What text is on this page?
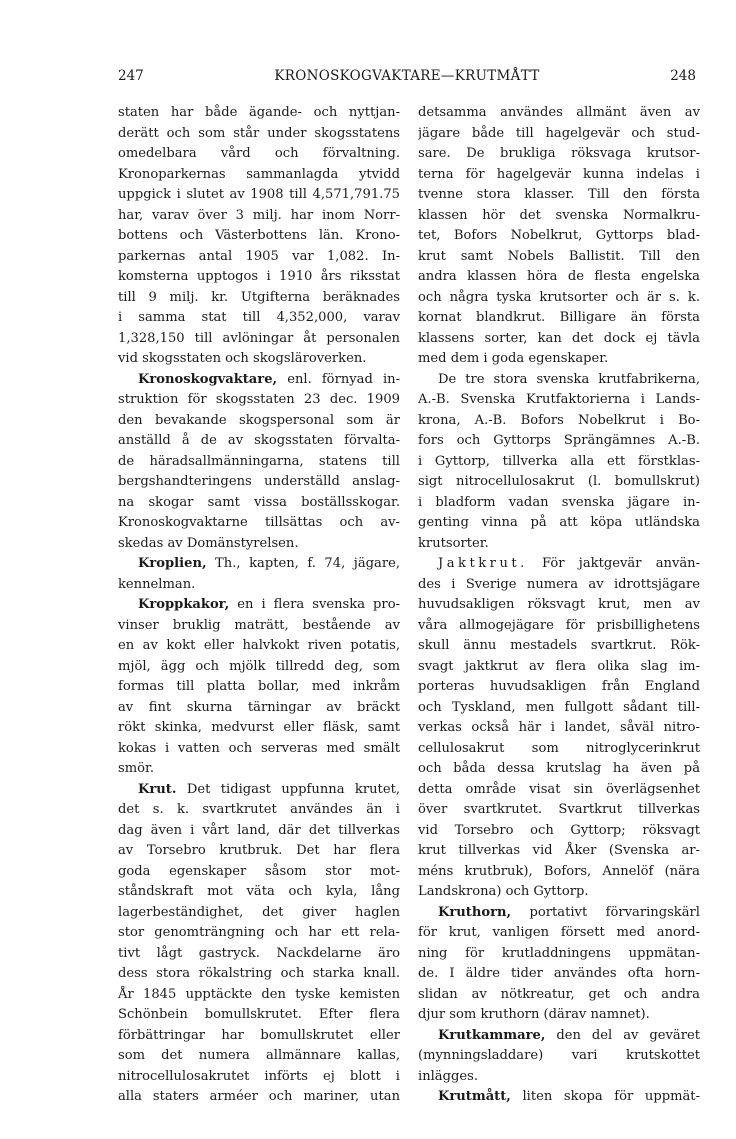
247	KRONOSKOGVAKTARE—KRUTMÅTT	248
staten har både ägande- och nyttjan-
derätt och som står under skogsstatens
omedelbara vård och förvaltning.
Kronoparkernas sammanlagda ytvidd
uppgick i slutet av 1908 till 4,571,791.75
har, varav över 3 milj. har inom Norr-
bottens och Västerbottens län. Krono-
parkernas antal 1905 var 1,082. In-
komsterna upptogos i 1910 års riksstat
till 9 milj. kr. Utgifterna beräknades
i samma stat till 4,352,000, varav
1,328,150 till avlöningar åt personalen
vid skogsstaten och skogsläroverken.
Kronoskogvaktare, enl. förnyad in-
struktion för skogsstaten 23 dec. 1909
den bevakande skogspersonal som är
anställd å de av skogsstaten förvalta-
de häradsallmänningarna, statens till
bergshandteringens underställd anslag-
na skogar samt vissa boställsskogar.
Kronoskogvaktarne tillsättas och av-
skedas av Domänstyrelsen.
Kroplien, Th., kapten, f. 74, jägare,
kennelman.
Kroppkakor, en i flera svenska pro-
vinser bruklig maträtt, bestående av
en av kokt eller halvkokt riven potatis,
mjöl, ägg och mjölk tillredd deg, som
formas till platta bollar, med inkråm
av fint skurna tärningar av bräckt
rökt skinka, medvurst eller fläsk, samt
kokas i vatten och serveras med smält
smör.
Krut. Det tidigast uppfunna krutet,
det s. k. svartkrutet användes än i
dag även i vårt land, där det tillverkas
av Torsebro krutbruk. Det har flera
goda egenskaper såsom stor mot-
ståndskraft mot väta och kyla, lång
lagerbeständighet, det giver haglen
stor genomträngning och har ett rela-
tivt lågt gastryck. Nackdelarne äro
dess stora rökalstring och starka knall.
År 1845 upptäckte den tyske kemisten
Schönbein bomullskrutet. Efter flera
förbättringar har bomullskrutet eller
som det numera allmännare kallas,
nitrocellulosakrutet införts ej blott i
alla staters arméer och mariner, utan
detsamma användes allmänt även av
jägare både till hagelgevär och stud-
sare. De brukliga röksvaga krutsor-
terna för hagelgevär kunna indelas i
tvenne stora klasser. Till den första
klassen hör det svenska Normalkru-
tet, Bofors Nobelkrut, Gyttorps blad-
krut samt Nobels Ballistit. Till den
andra klassen höra de flesta engelska
och några tyska krutsorter och är s. k.
kornat blandkrut. Billigare än första
klassens sorter, kan det dock ej tävla
med dem i goda egenskaper.
De tre stora svenska krutfabrikerna,
A.-B. Svenska Krutfaktorierna i Lands-
krona, A.-B. Bofors Nobelkrut i Bo-
fors och Gyttorps Sprängämnes A.-B.
i Gyttorp, tillverka alla ett förstklas-
sigt nitrocellulosakrut (l. bomullskrut)
i bladform vadan svenska jägare in-
genting vinna på att köpa utländska
krutsorter.
Jaktkrut. För jaktgevär använ-
des i Sverige numera av idrottsjägare
huvudsakligen röksvagt krut, men av
våra allmogejägare för prisbillighetens
skull ännu mestadels svartkrut. Rök-
svagt jaktkrut av flera olika slag im-
porteras huvudsakligen från England
och Tyskland, men fullgott sådant till-
verkas också här i landet, såväl nitro-
cellulosakrut som nitroglycerinkrut
och båda dessa krutslag ha även på
detta område visat sin överlägsenhet
över svartkrutet. Svartkrut tillverkas
vid Torsebro och Gyttorp; röksvagt
krut tillverkas vid Åker (Svenska ar-
méns krutbruk), Bofors, Annelöf (nära
Landskrona) och Gyttorp.
Kruthorn, portativt förvaringskärl
för krut, vanligen försett med anord-
ning för krutladdningens uppmätan-
de. I äldre tider användes ofta horn-
slidan av nötkreatur, get och andra
djur som kruthorn (därav namnet).
Krutkammare, den del av geväret
(mynningsladdare) vari krutskottet
inlägges.
Krutmått, liten skopa för uppmät-
